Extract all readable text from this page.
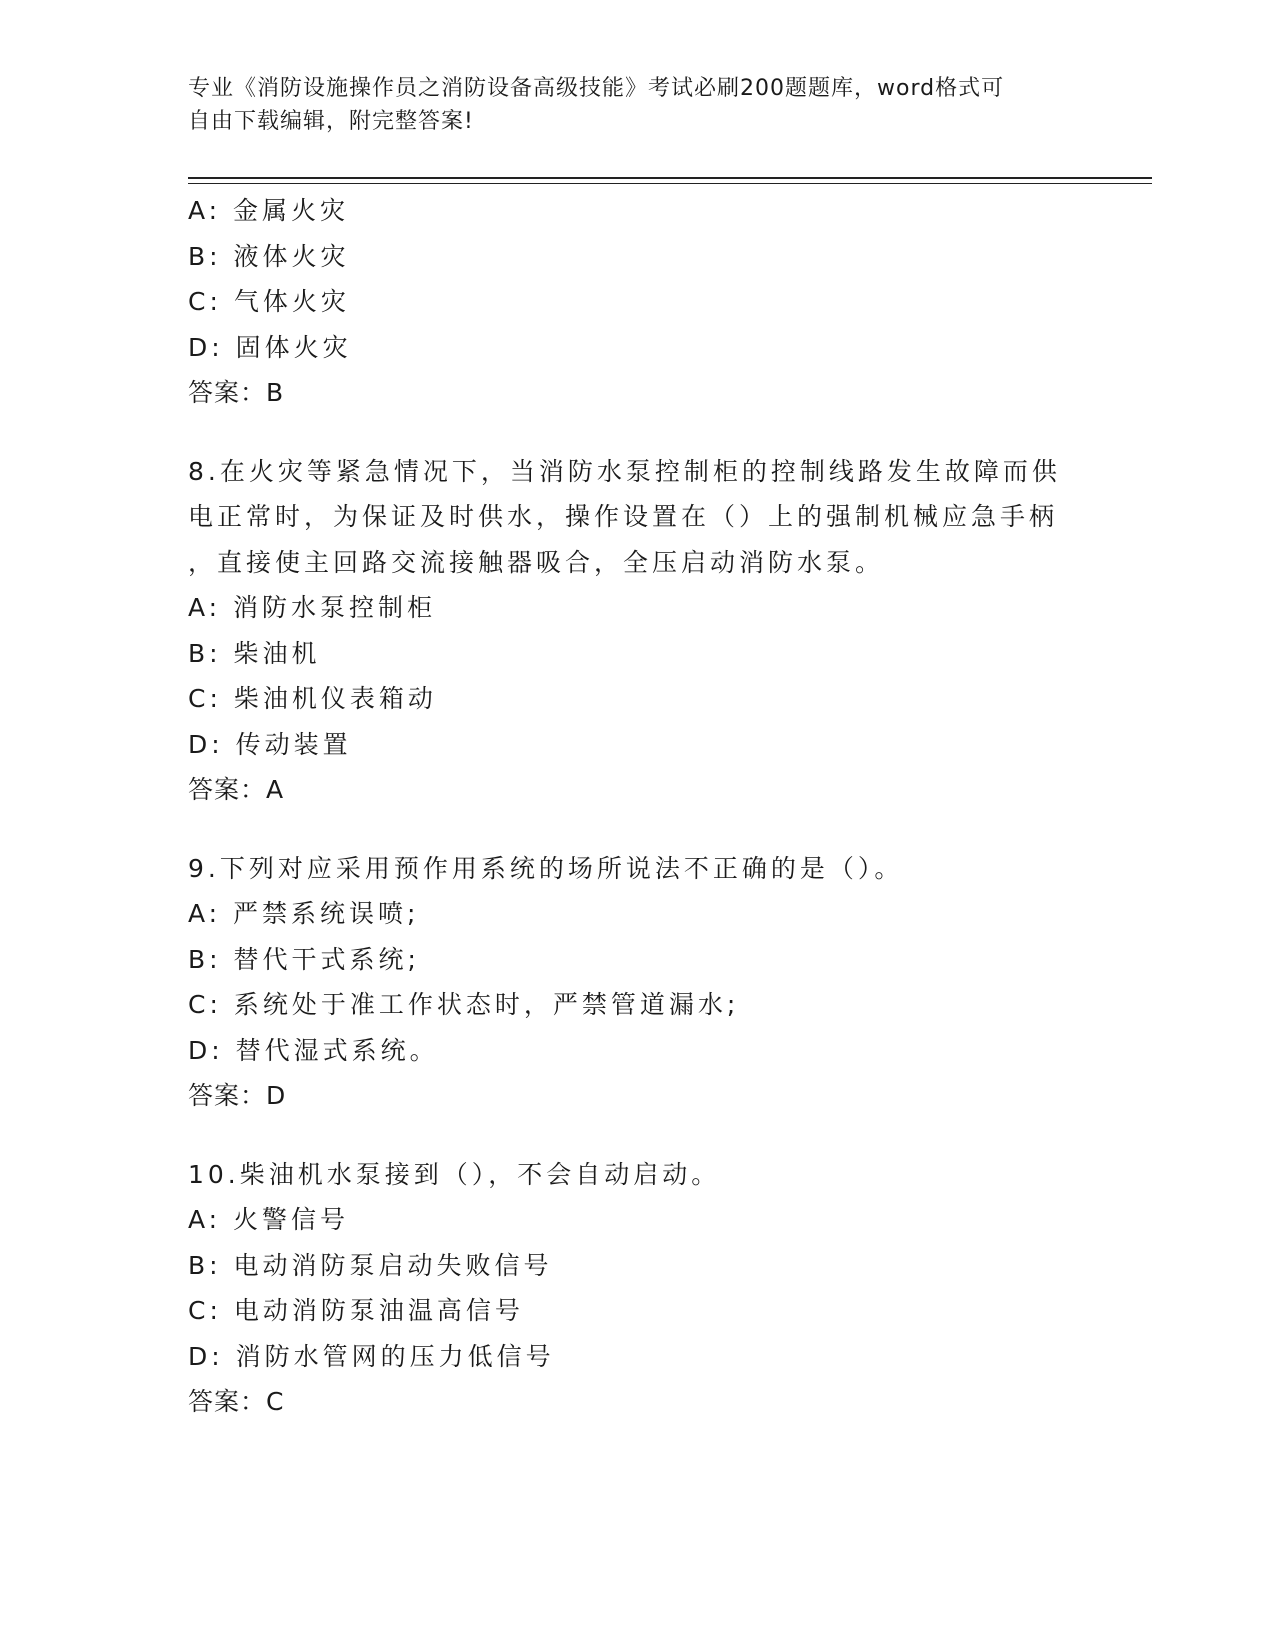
专业《消防设施操作员之消防设备高级技能》考试必刷200题题库，word格式可
自由下载编辑，附完整答案!
A: 金属火灾
B: 液体火灾
C: 气体火灾
D: 固体火灾
答案：B
8.在火灾等紧急情况下，当消防水泵控制柜的控制线路发生故障而供
电正常时，为保证及时供水，操作设置在（）上的强制机械应急手柄
，直接使主回路交流接触器吸合，全压启动消防水泵。
A: 消防水泵控制柜
B: 柴油机
C: 柴油机仪表箱动
D: 传动装置
答案：A
9.下列对应采用预作用系统的场所说法不正确的是（）。
A: 严禁系统误喷;
B: 替代干式系统;
C: 系统处于准工作状态时，严禁管道漏水;
D: 替代湿式系统。
答案：D
10.柴油机水泵接到（），不会自动启动。
A: 火警信号
B: 电动消防泵启动失败信号
C: 电动消防泵油温高信号
D: 消防水管网的压力低信号
答案：C
